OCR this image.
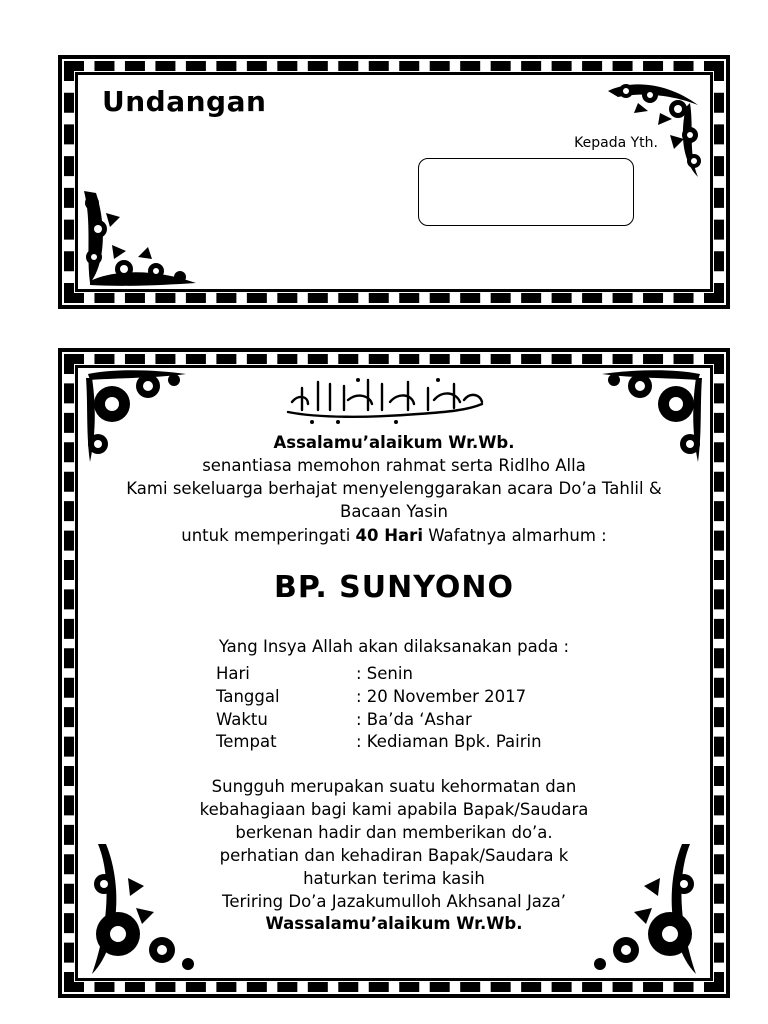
Undangan
Kepada Yth.
Assalamu’alaikum Wr.Wb.
senantiasa memohon rahmat serta Ridlho Alla
Kami sekeluarga berhajat menyelenggarakan acara Do’a Tahlil &
Bacaan Yasin
untuk memperingati 40 Hari Wafatnya almarhum :
BP. SUNYONO
Yang Insya Allah akan dilaksanakan pada :
Hari	: Senin
Tanggal	: 20 November 2017
Waktu	: Ba’da ‘Ashar
Tempat	: Kediaman Bpk. Pairin
Sungguh merupakan suatu kehormatan dan
kebahagiaan bagi kami apabila Bapak/Saudara
berkenan hadir dan memberikan do’a.
perhatian dan kehadiran Bapak/Saudara k
haturkan terima kasih
Teriring Do’a Jazakumulloh Akhsanal Jaza’
Wassalamu’alaikum Wr.Wb.
